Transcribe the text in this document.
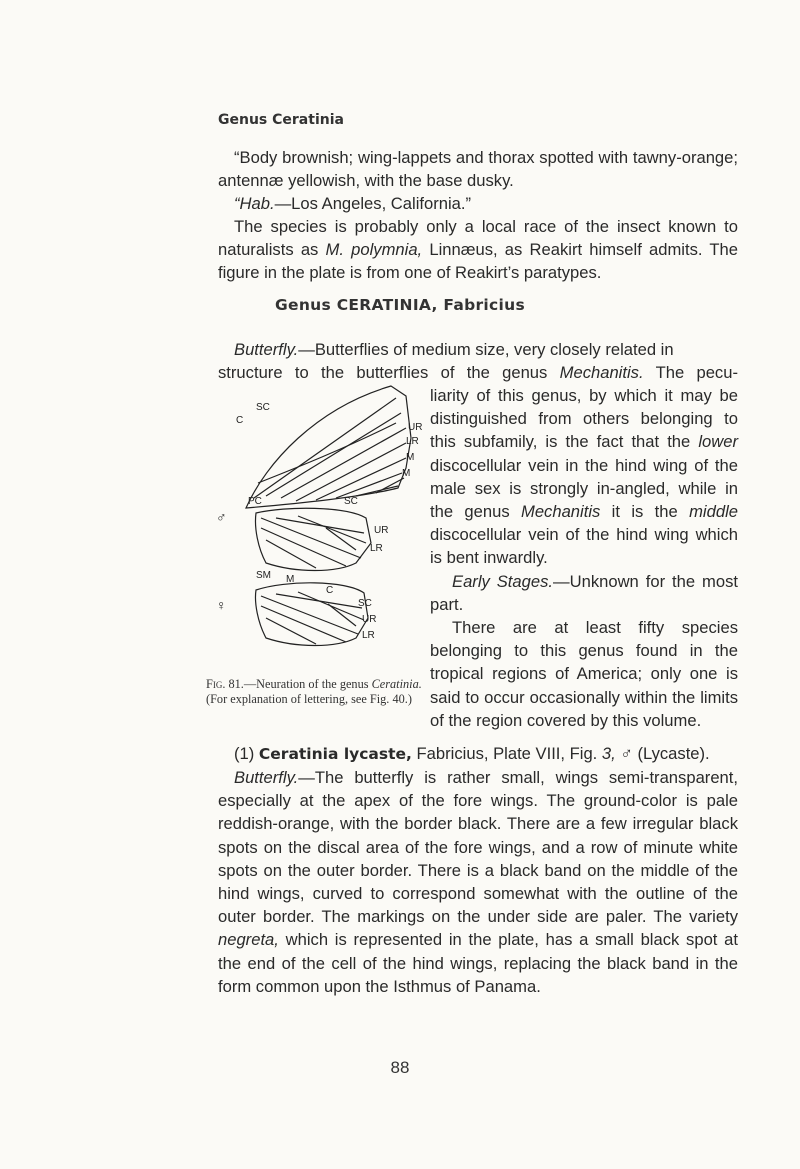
Genus Ceratinia
“Body brownish; wing-lappets and thorax spotted with tawny-orange; antennæ yellowish, with the base dusky.
“Hab.—Los Angeles, California.”
The species is probably only a local race of the insect known to naturalists as M. polymnia, Linnæus, as Reakirt himself admits. The figure in the plate is from one of Reakirt’s paratypes.
Genus CERATINIA, Fabricius
Butterfly.—Butterflies of medium size, very closely related in
structure to the butterflies of the genus Mechanitis. The pecu-
liarity of this genus, by which it may be distinguished from others belonging to this subfamily, is the fact that the lower discocellular vein in the hind wing of the male sex is strongly in-angled, while in the genus Mechanitis it is the middle discocellular vein of the hind wing which is bent inwardly.
Early Stages.—Unknown for the most part.
There are at least fifty species belonging to this genus found in the tropical regions of America; only one is said to occur occasionally within the limits of the region covered by this volume.
SC
C
UR
LR
M
M
PC	SC
♂
UR
LR
SM M
C
♀	SC
UR
LR
Fig. 81.—Neuration of the genus Ceratinia. (For explanation of lettering, see Fig. 40.)
(1) Ceratinia lycaste, Fabricius, Plate VIII, Fig. 3, ♂ (Lycaste).
Butterfly.—The butterfly is rather small, wings semi-transparent, especially at the apex of the fore wings. The ground-color is pale reddish-orange, with the border black. There are a few irregular black spots on the discal area of the fore wings, and a row of minute white spots on the outer border. There is a black band on the middle of the hind wings, curved to correspond somewhat with the outline of the outer border. The markings on the under side are paler. The variety negreta, which is represented in the plate, has a small black spot at the end of the cell of the hind wings, replacing the black band in the form common upon the Isthmus of Panama.
88
